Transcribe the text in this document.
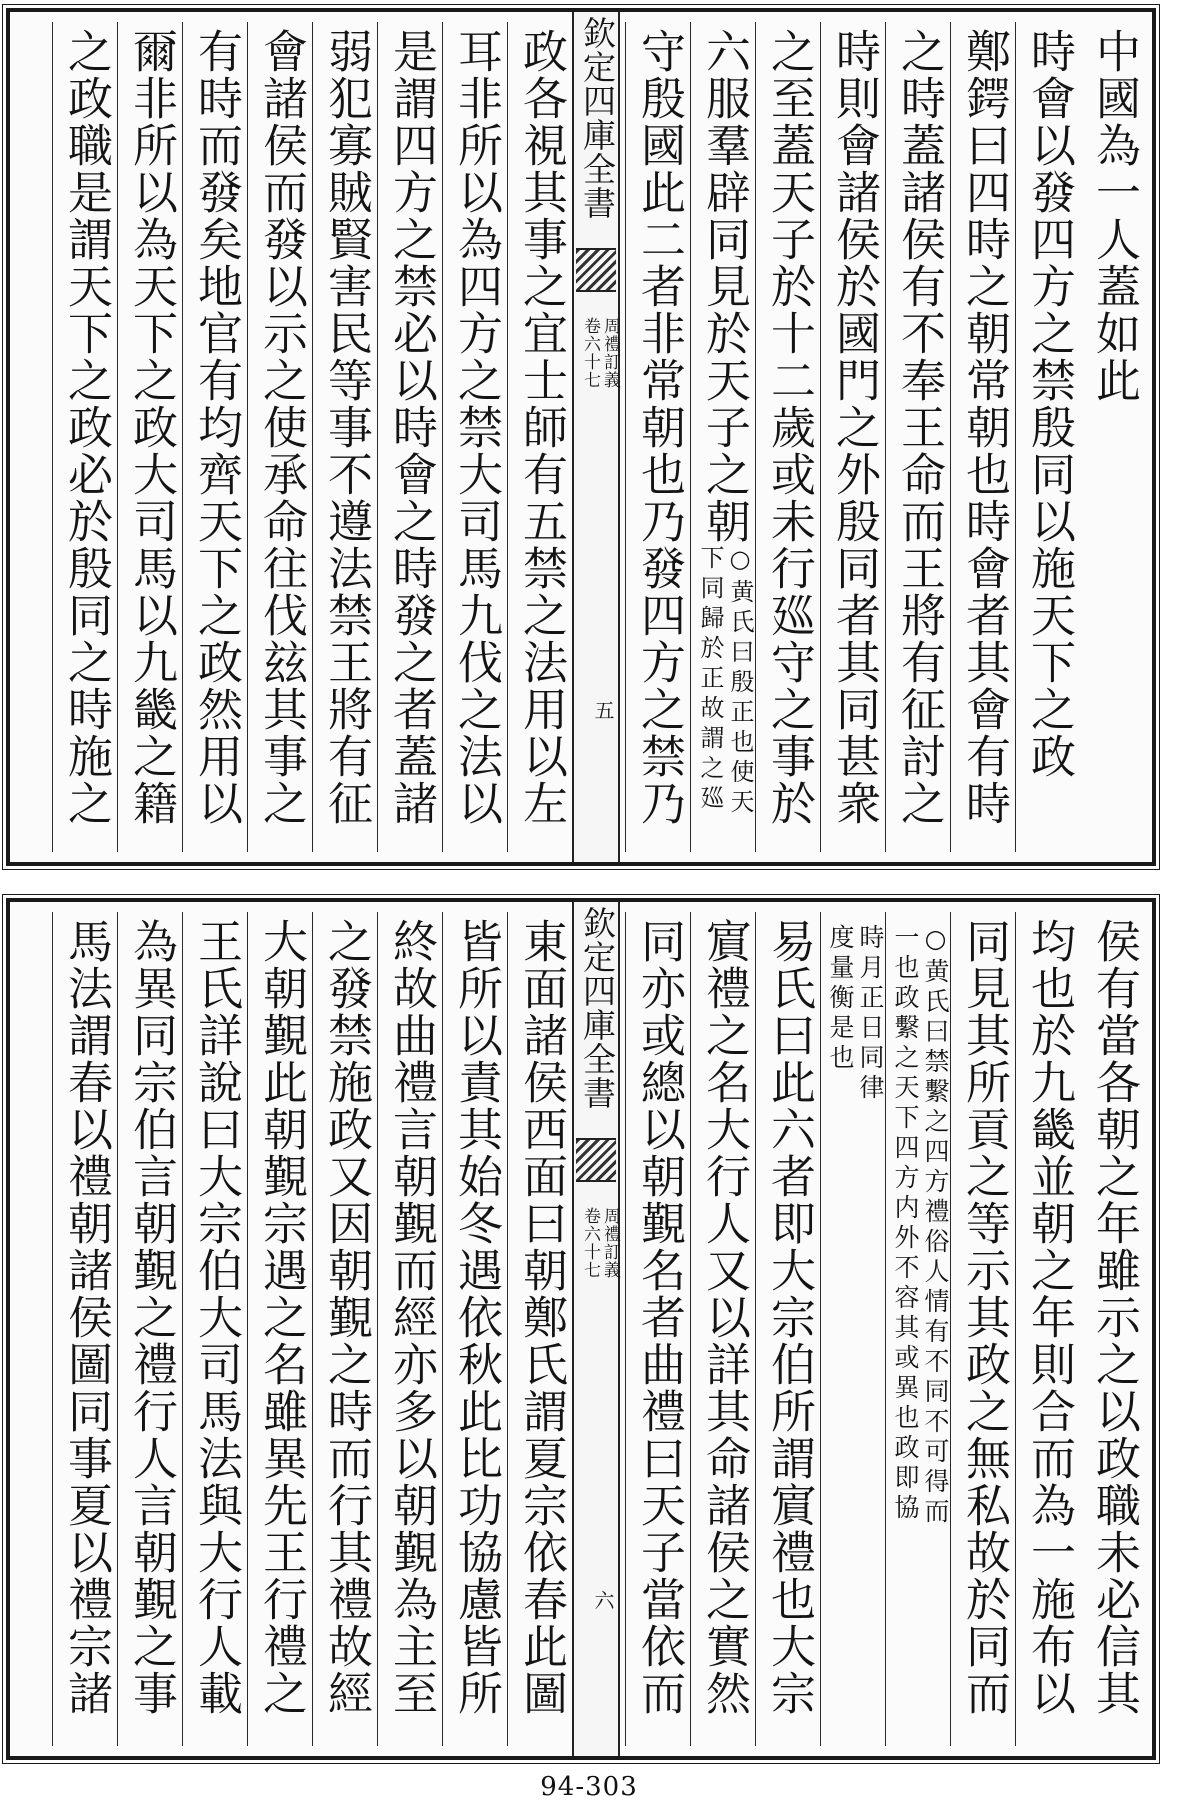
中國為一人蓋如此
時會以發四方之禁殷同以施天下之政
鄭鍔曰四時之朝常朝也時會者其會有時
之時蓋諸侯有不奉王命而王將有征討之
時則會諸侯於國門之外殷同者其同甚衆
之至蓋天子於十二歲或未行廵守之事於
六服羣辟同見於天子之朝
○黄氏曰殷正也使天
下同歸於正故謂之廵
守殷國此二者非常朝也乃發四方之禁乃
欽定四庫全書
周禮訂義
卷六十七
五
政各視其事之宜士師有五禁之法用以左
耳非所以為四方之禁大司馬九伐之法以
是謂四方之禁必以時會之時發之者蓋諸
弱犯寡賊賢害民等事不遵法禁王將有征
會諸侯而發以示之使承命往伐玆其事之
有時而發矣地官有均齊天下之政然用以
爾非所以為天下之政大司馬以九畿之籍
之政職是謂天下之政必於殷同之時施之
侯有當各朝之年雖示之以政職未必信其
均也於九畿並朝之年則合而為一施布以
同見其所貢之等示其政之無私故於同而
○黄氏曰禁繫之四方禮俗人情有不同不可得而
一也政繫之天下四方内外不容其或異也政即協
時月正日同律
度量衡是也
易氏曰此六者即大宗伯所謂賔禮也大宗
賔禮之名大行人又以詳其命諸侯之實然
同亦或總以朝覲名者曲禮曰天子當依而
欽定四庫全書
周禮訂義
卷六十七
六
東面諸侯西面曰朝鄭氏謂夏宗依春此圖
皆所以責其始冬遇依秋此比功協慮皆所
終故曲禮言朝覲而經亦多以朝覲為主至
之發禁施政又因朝覲之時而行其禮故經
大朝覲此朝覲宗遇之名雖異先王行禮之
王氏詳說曰大宗伯大司馬法與大行人載
為異同宗伯言朝覲之禮行人言朝覲之事
馬法謂春以禮朝諸侯圖同事夏以禮宗諸
94-303
